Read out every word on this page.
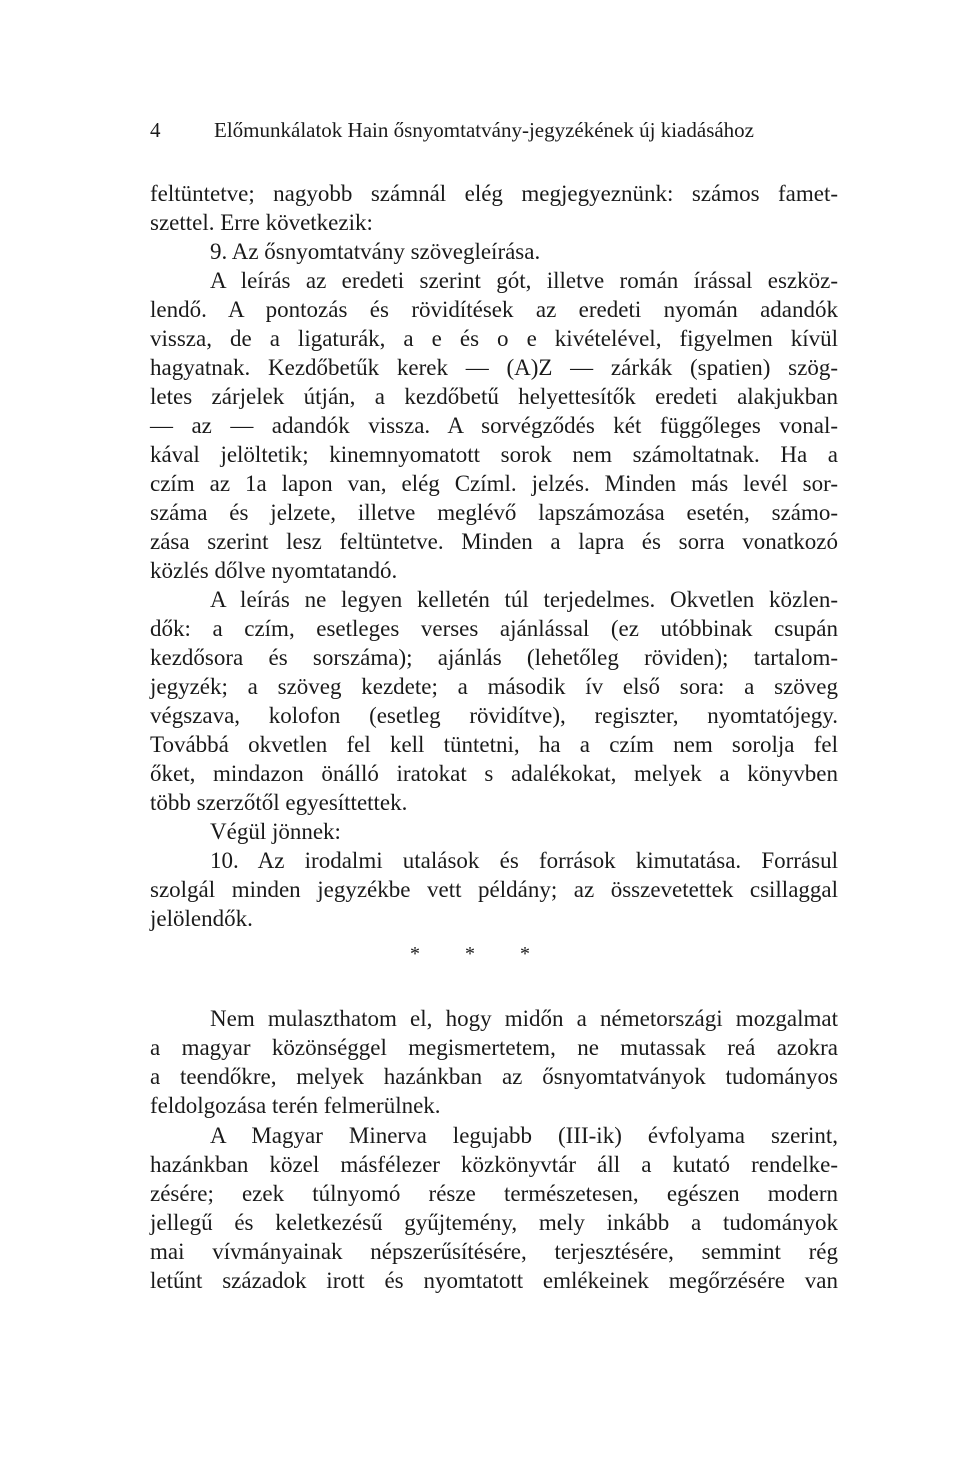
4	Előmunkálatok Hain ősnyomtatvány-jegyzékének új kiadásához
feltüntetve; nagyobb számnál elég megjegyeznünk: számos famet-
szettel. Erre következik:
9. Az ősnyomtatvány szövegleírása.
A leírás az eredeti szerint gót, illetve román írással eszköz-
lendő. A pontozás és rövidítések az eredeti nyomán adandók
vissza, de a ligaturák, a e és o e kivételével, figyelmen kívül
hagyatnak. Kezdőbetűk kerek — (A)Z — zárkák (spatien) szög-
letes zárjelek útján, a kezdőbetű helyettesítők eredeti alakjukban
— az — adandók vissza. A sorvégződés két függőleges vonal-
kával jelöltetik; kinemnyomatott sorok nem számoltatnak. Ha a
czím az 1a lapon van, elég Czíml. jelzés. Minden más levél sor-
száma és jelzete, illetve meglévő lapszámozása esetén, számo-
zása szerint lesz feltüntetve. Minden a lapra és sorra vonatkozó
közlés dőlve nyomtatandó.
A leírás ne legyen kelletén túl terjedelmes. Okvetlen közlen-
dők: a czím, esetleges verses ajánlással (ez utóbbinak csupán
kezdősora és sorszáma); ajánlás (lehetőleg röviden); tartalom-
jegyzék; a szöveg kezdete; a második ív első sora: a szöveg
végszava, kolofon (esetleg rövidítve), regiszter, nyomtatójegy.
Továbbá okvetlen fel kell tüntetni, ha a czím nem sorolja fel
őket, mindazon önálló iratokat s adalékokat, melyek a könyvben
több szerzőtől egyesíttettek.
Végül jönnek:
10. Az irodalmi utalások és források kimutatása. Forrásul
szolgál minden jegyzékbe vett példány; az összevetettek csillaggal
jelölendők.
* * *
Nem mulaszthatom el, hogy midőn a németországi mozgalmat
a magyar közönséggel megismertetem, ne mutassak reá azokra
a teendőkre, melyek hazánkban az ősnyomtatványok tudományos
feldolgozása terén felmerülnek.
A Magyar Minerva legujabb (III-ik) évfolyama szerint,
hazánkban közel másfélezer közkönyvtár áll a kutató rendelke-
zésére; ezek túlnyomó része természetesen, egészen modern
jellegű és keletkezésű gyűjtemény, mely inkább a tudományok
mai vívmányainak népszerűsítésére, terjesztésére, semmint rég
letűnt századok irott és nyomtatott emlékeinek megőrzésére van
